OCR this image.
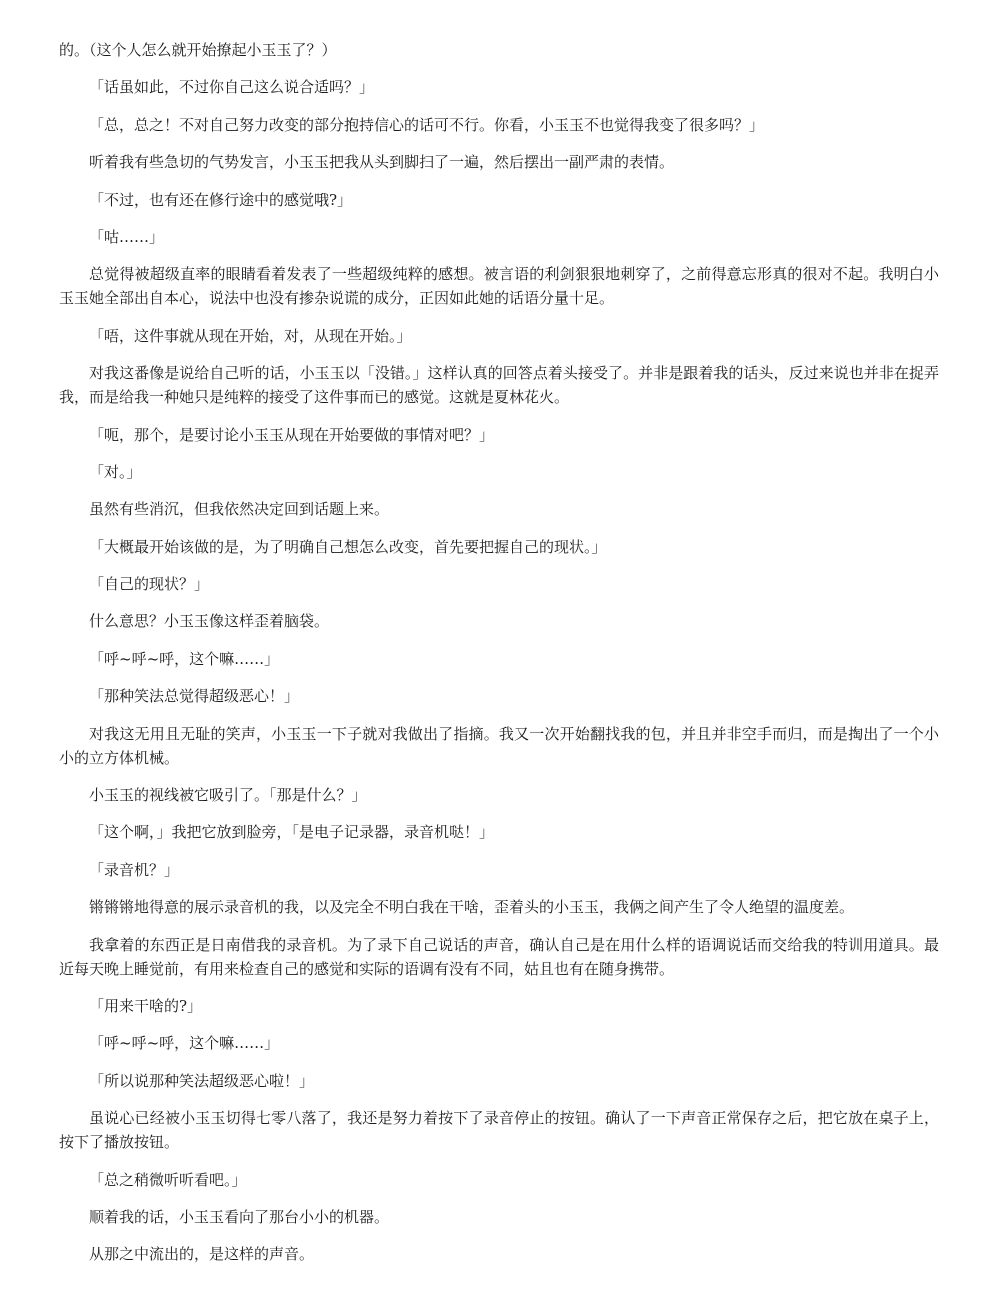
的。（这个人怎么就开始撩起小玉玉了？）

「话虽如此，不过你自己这么说合适吗？」

「总，总之！不对自己努力改变的部分抱持信心的话可不行。你看，小玉玉不也觉得我变了很多吗？」

听着我有些急切的气势发言，小玉玉把我从头到脚扫了一遍，然后摆出一副严肃的表情。

「不过，也有还在修行途中的感觉哦?」

「咕……」

总觉得被超级直率的眼睛看着发表了一些超级纯粹的感想。被言语的利剑狠狠地刺穿了，之前得意忘形真的很对不起。我明白小玉玉她全部出自本心，说法中也没有掺杂说谎的成分，正因如此她的话语分量十足。

「唔，这件事就从现在开始，对，从现在开始。」

对我这番像是说给自己听的话，小玉玉以「没错。」这样认真的回答点着头接受了。并非是跟着我的话头，反过来说也并非在捉弄我，而是给我一种她只是纯粹的接受了这件事而已的感觉。这就是夏林花火。

「呃，那个，是要讨论小玉玉从现在开始要做的事情对吧？」

「对。」

虽然有些消沉，但我依然决定回到话题上来。

「大概最开始该做的是，为了明确自己想怎么改变，首先要把握自己的现状。」

「自己的现状？」

什么意思？小玉玉像这样歪着脑袋。

「呼~呼~呼，这个嘛……」

「那种笑法总觉得超级恶心！」

对我这无用且无耻的笑声，小玉玉一下子就对我做出了指摘。我又一次开始翻找我的包，并且并非空手而归，而是掏出了一个小小的立方体机械。

小玉玉的视线被它吸引了。「那是什么？」

「这个啊，」我把它放到脸旁，「是电子记录器，录音机哒！」

「录音机？」

锵锵锵地得意的展示录音机的我，以及完全不明白我在干啥，歪着头的小玉玉，我俩之间产生了令人绝望的温度差。

我拿着的东西正是日南借我的录音机。为了录下自己说话的声音，确认自己是在用什么样的语调说话而交给我的特训用道具。最近每天晚上睡觉前，有用来检查自己的感觉和实际的语调有没有不同，姑且也有在随身携带。

「用来干啥的?」

「呼~呼~呼，这个嘛……」

「所以说那种笑法超级恶心啦！」

虽说心已经被小玉玉切得七零八落了，我还是努力着按下了录音停止的按钮。确认了一下声音正常保存之后，把它放在桌子上，按下了播放按钮。

「总之稍微听听看吧。」

顺着我的话，小玉玉看向了那台小小的机器。

从那之中流出的，是这样的声音。
